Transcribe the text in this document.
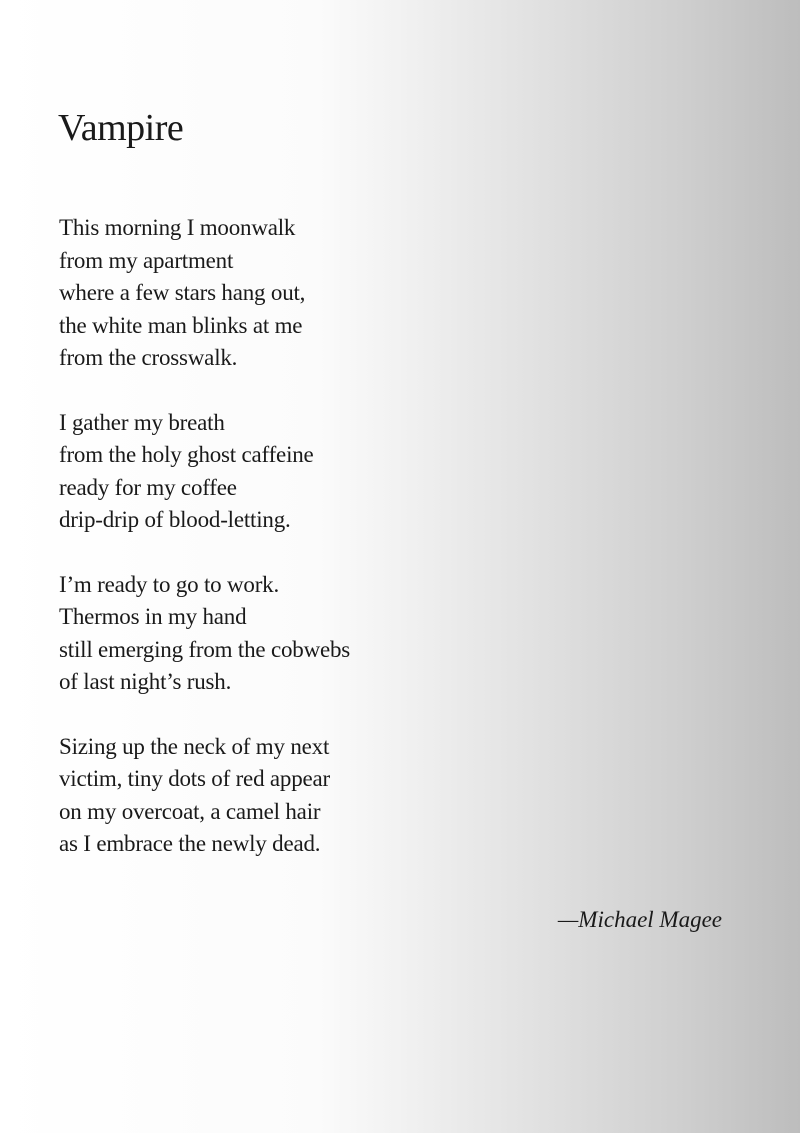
Vampire
This morning I moonwalk
from my apartment
where a few stars hang out,
the white man blinks at me
from the crosswalk.
I gather my breath
from the holy ghost caffeine
ready for my coffee
drip-drip of blood-letting.
I’m ready to go to work.
Thermos in my hand
still emerging from the cobwebs
of last night’s rush.
Sizing up the neck of my next
victim, tiny dots of red appear
on my overcoat, a camel hair
as I embrace the newly dead.
—Michael Magee
